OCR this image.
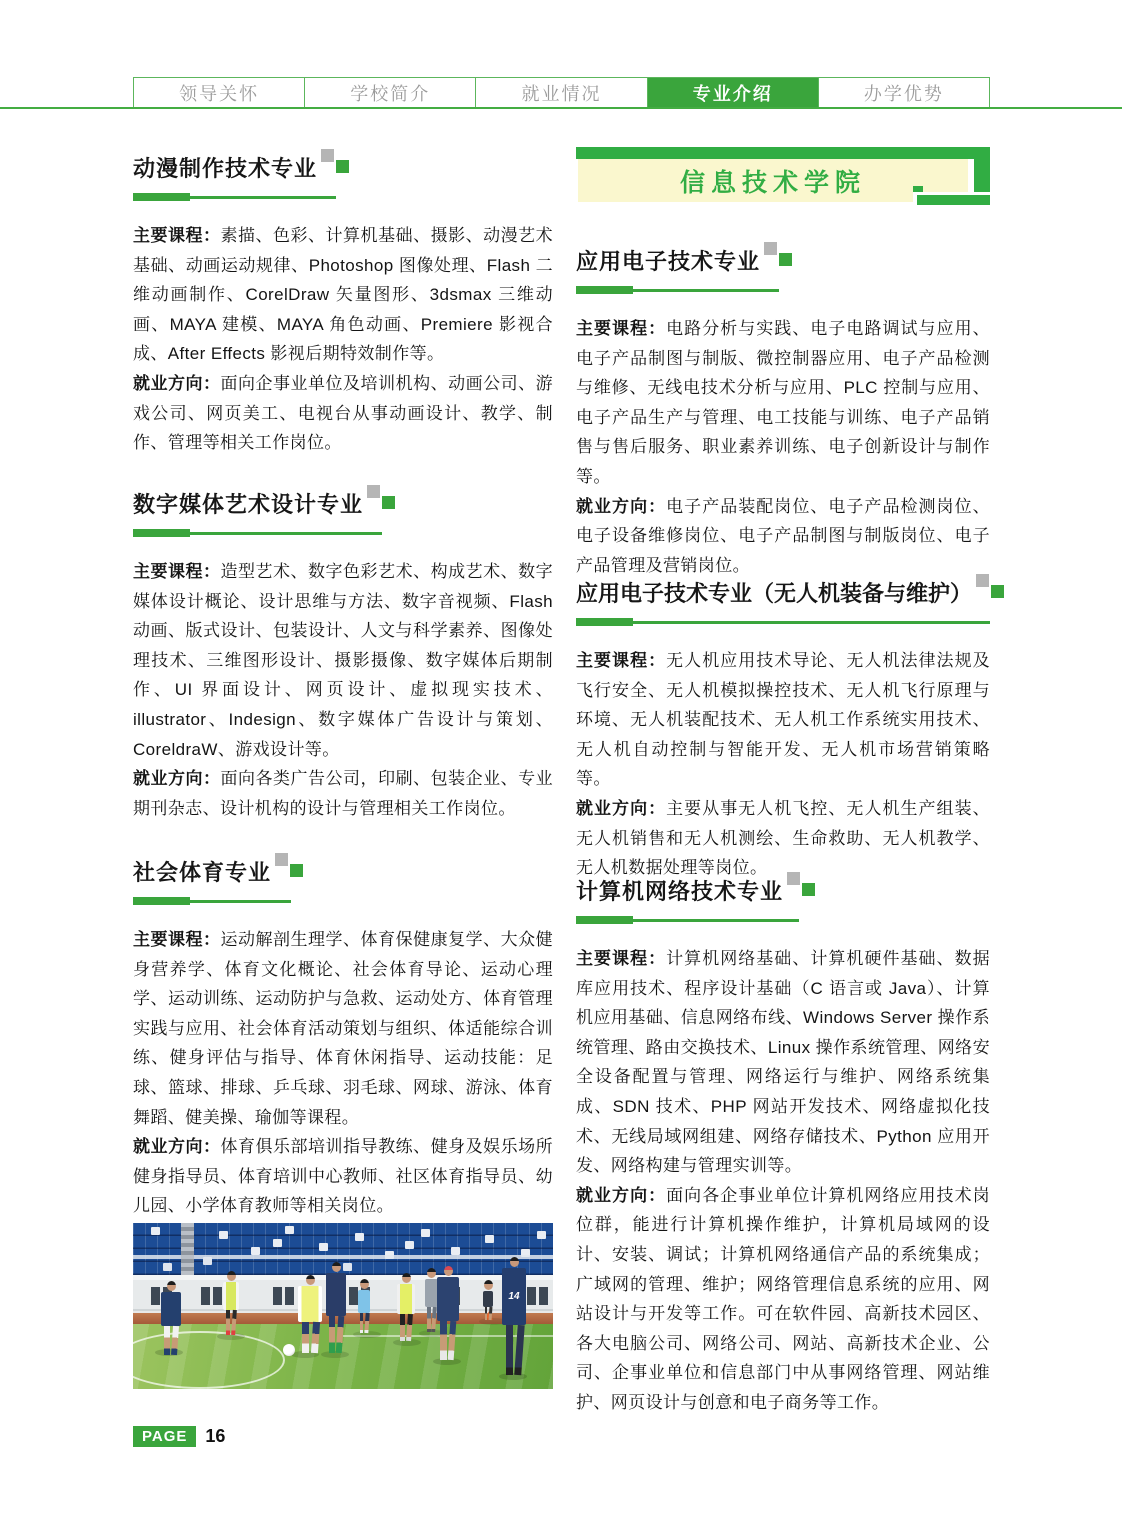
领导关怀	学校简介	就业情况	专业介绍	办学优势
动漫制作技术专业

主要课程：素描、色彩、计算机基础、摄影、动漫艺术基础、动画运动规律、Photoshop 图像处理、Flash 二维动画制作、CorelDraw 矢量图形、3dsmax 三维动画、MAYA 建模、MAYA 角色动画、Premiere 影视合成、After Effects 影视后期特效制作等。

就业方向：面向企事业单位及培训机构、动画公司、游戏公司、网页美工、电视台从事动画设计、教学、制作、管理等相关工作岗位。

数字媒体艺术设计专业

主要课程：造型艺术、数字色彩艺术、构成艺术、数字媒体设计概论、设计思维与方法、数字音视频、Flash 动画、版式设计、包装设计、人文与科学素养、图像处理技术、三维图形设计、摄影摄像、数字媒体后期制作、UI 界面设计、网页设计、虚拟现实技术、illustrator、Indesign、数字媒体广告设计与策划、CoreldraW、游戏设计等。

就业方向：面向各类广告公司，印刷、包装企业、专业期刊杂志、设计机构的设计与管理相关工作岗位。

社会体育专业

主要课程：运动解剖生理学、体育保健康复学、大众健身营养学、体育文化概论、社会体育导论、运动心理学、运动训练、运动防护与急救、运动处方、体育管理实践与应用、社会体育活动策划与组织、体适能综合训练、健身评估与指导、体育休闲指导、运动技能：足球、篮球、排球、乒乓球、羽毛球、网球、游泳、体育舞蹈、健美操、瑜伽等课程。

就业方向：体育俱乐部培训指导教练、健身及娱乐场所健身指导员、体育培训中心教师、社区体育指导员、幼儿园、小学体育教师等相关岗位。

14
信息技术学院
应用电子技术专业

主要课程：电路分析与实践、电子电路调试与应用、电子产品制图与制版、微控制器应用、电子产品检测与维修、无线电技术分析与应用、PLC 控制与应用、电子产品生产与管理、电工技能与训练、电子产品销售与售后服务、职业素养训练、电子创新设计与制作等。

就业方向：电子产品装配岗位、电子产品检测岗位、电子设备维修岗位、电子产品制图与制版岗位、电子产品管理及营销岗位。

应用电子技术专业（无人机装备与维护）

主要课程：无人机应用技术导论、无人机法律法规及飞行安全、无人机模拟操控技术、无人机飞行原理与环境、无人机装配技术、无人机工作系统实用技术、无人机自动控制与智能开发、无人机市场营销策略等。

就业方向：主要从事无人机飞控、无人机生产组装、无人机销售和无人机测绘、生命救助、无人机教学、无人机数据处理等岗位。

计算机网络技术专业

主要课程：计算机网络基础、计算机硬件基础、数据库应用技术、程序设计基础（C 语言或 Java）、计算机应用基础、信息网络布线、Windows Server 操作系统管理、路由交换技术、Linux 操作系统管理、网络安全设备配置与管理、网络运行与维护、网络系统集成、SDN 技术、PHP 网站开发技术、网络虚拟化技术、无线局域网组建、网络存储技术、Python 应用开发、网络构建与管理实训等。

就业方向：面向各企事业单位计算机网络应用技术岗位群，能进行计算机操作维护，计算机局域网的设计、安装、调试；计算机网络通信产品的系统集成；广域网的管理、维护；网络管理信息系统的应用、网站设计与开发等工作。可在软件园、高新技术园区、各大电脑公司、网络公司、网站、高新技术企业、公司、企事业单位和信息部门中从事网络管理、网站维护、网页设计与创意和电子商务等工作。

PAGE	16
